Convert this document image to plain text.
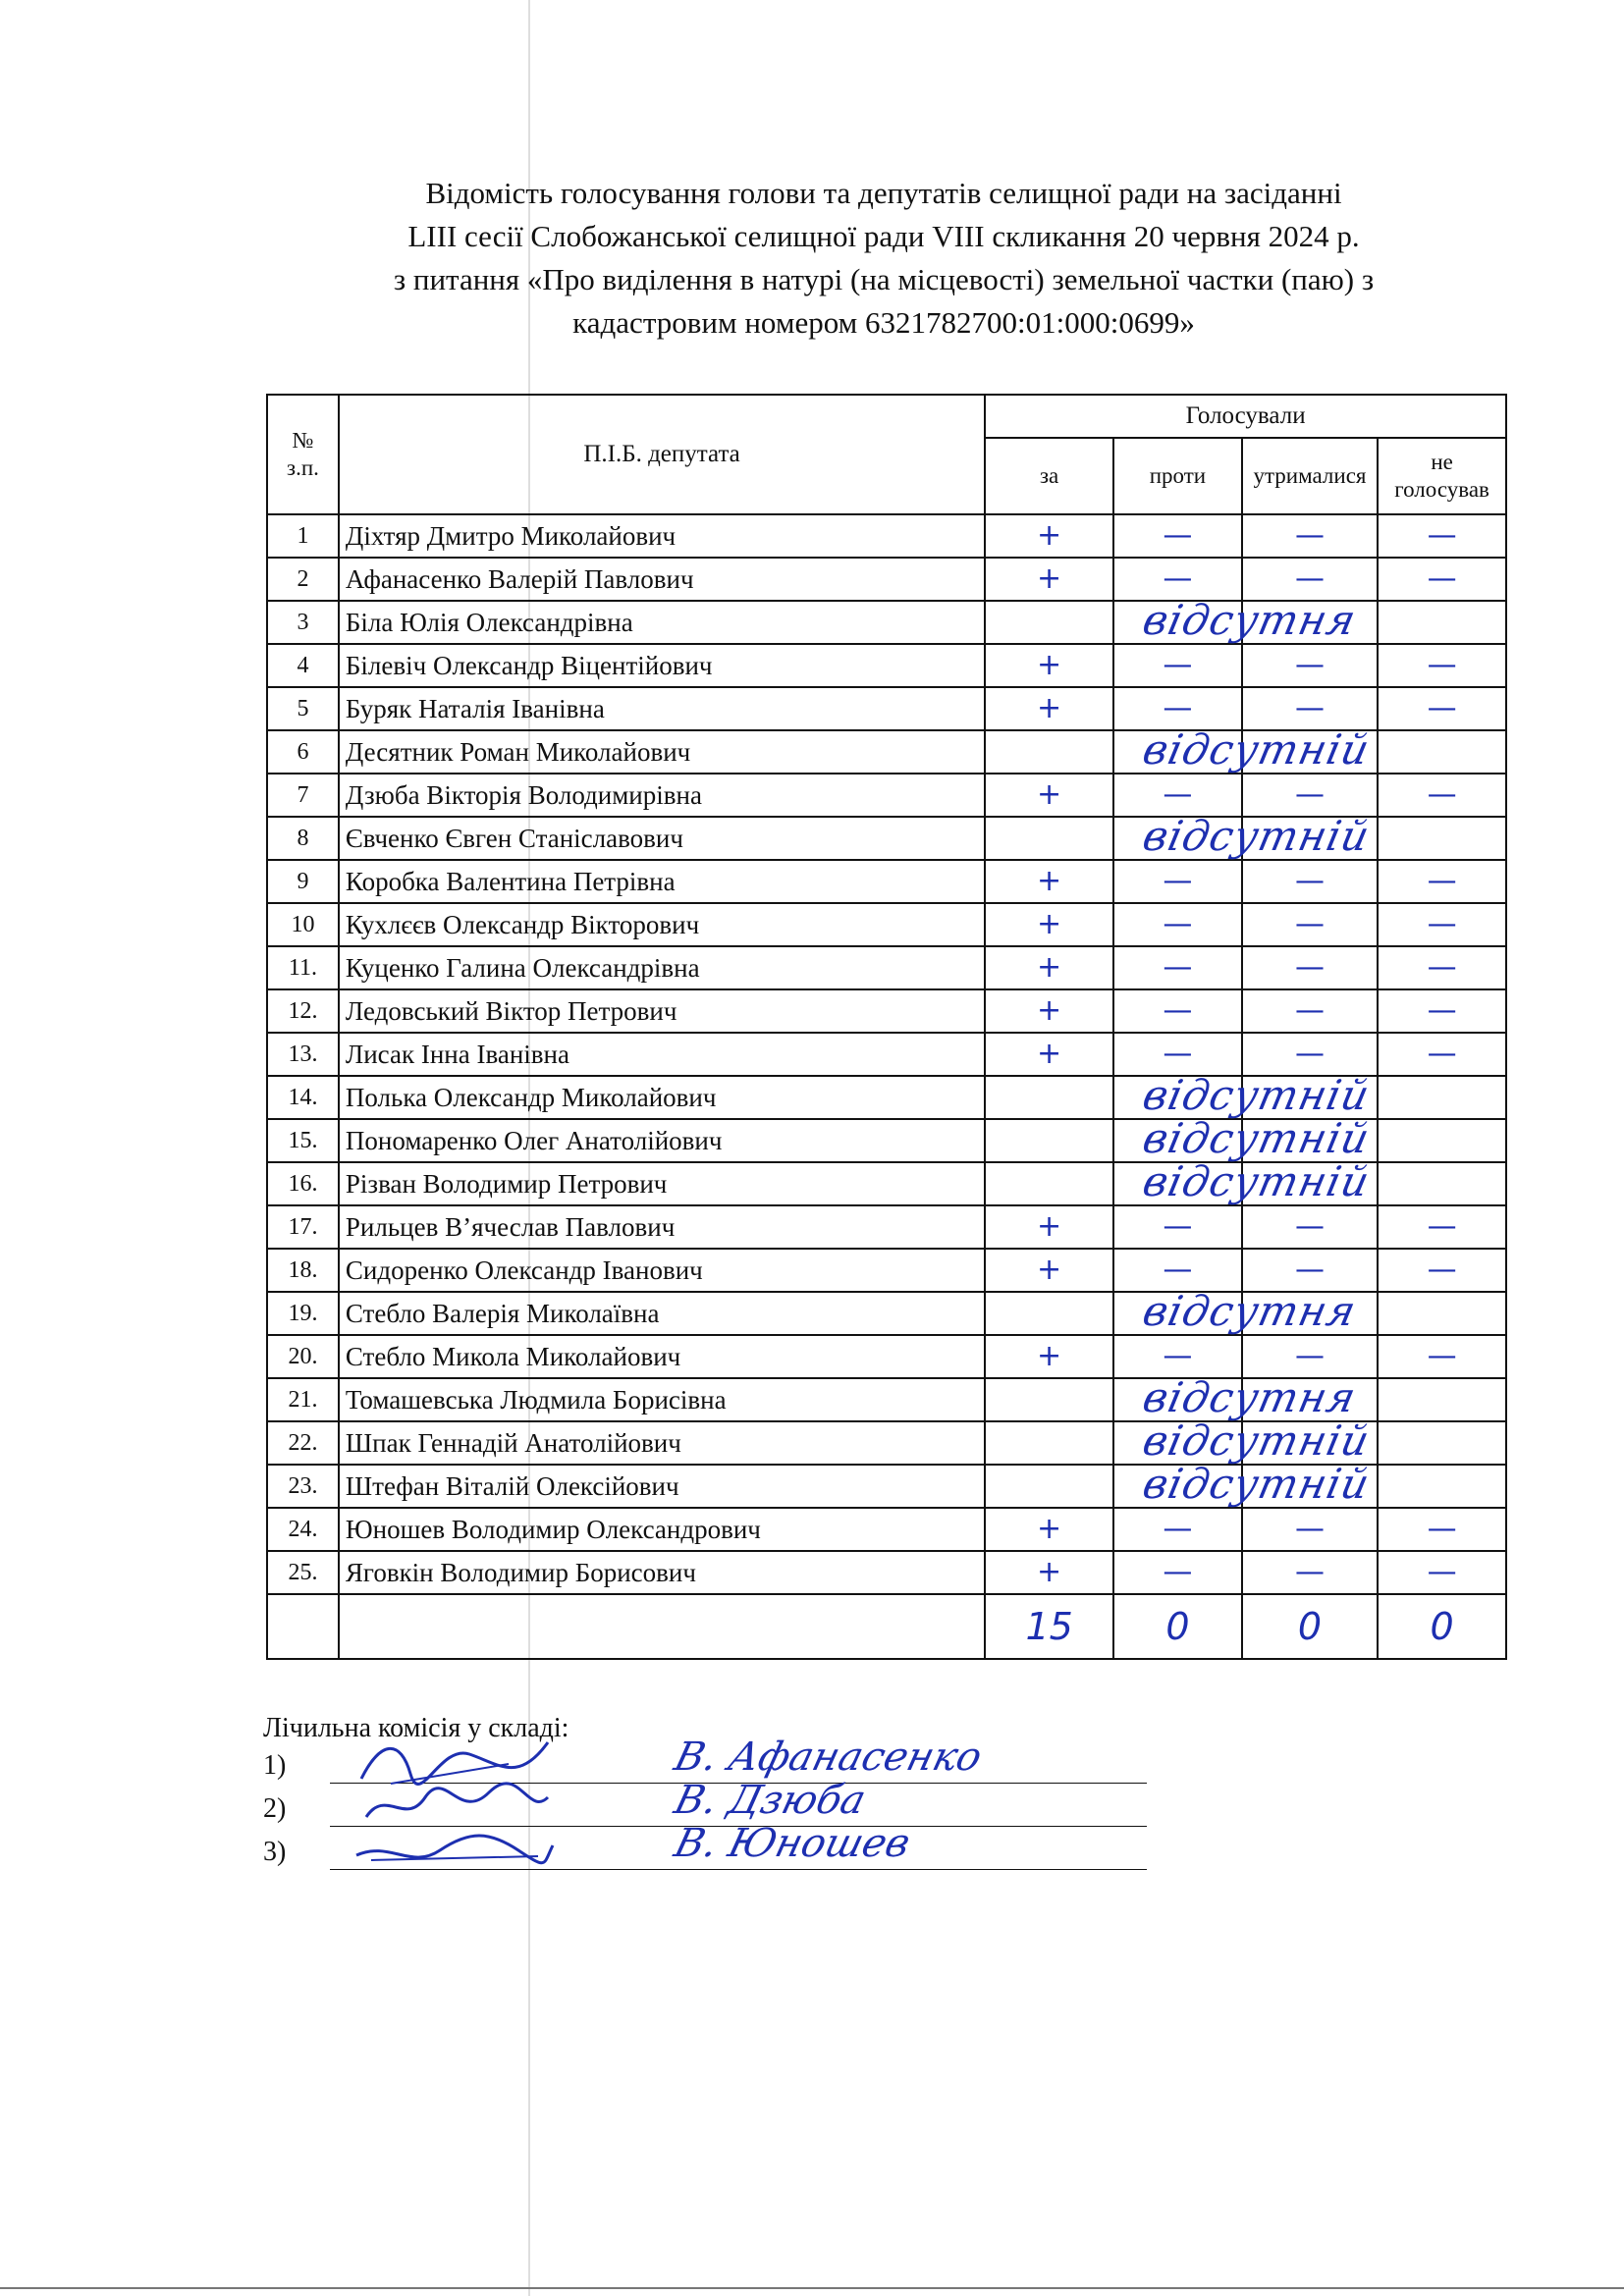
Відомість голосування голови та депутатів селищної ради на засіданні
LIII сесії Слобожанської селищної ради VIII скликання 20 червня 2024 р.
з питання «Про виділення в натурі (на місцевості) земельної частки (паю) з
кадастровим номером 6321782700:01:000:0699»
№
з.п.	П.І.Б. депутата	Голосували			
		за	проти	утрималися	не голосував
1	Діхтяр Дмитро Миколайович	+	—	—	—
2	Афанасенко Валерій Павлович	+	—	—	—
3	Біла Юлія Олександрівна		відсутня		

4	Білевіч Олександр Віцентійович	+	—	—	—
5	Буряк Наталія Іванівна	+	—	—	—
6	Десятник Роман Миколайович		відсутній		

7	Дзюба Вікторія Володимирівна	+	—	—	—
8	Євченко Євген Станіславович		відсутній		

9	Коробка Валентина Петрівна	+	—	—	—
10	Кухлєєв Олександр Вікторович	+	—	—	—
11.	Куценко Галина Олександрівна	+	—	—	—
12.	Ледовський Віктор Петрович	+	—	—	—
13.	Лисак Інна Іванівна	+	—	—	—
14.	Полька Олександр Миколайович		відсутній		

15.	Пономаренко Олег Анатолійович		відсутній		

16.	Різван Володимир Петрович		відсутній		

17.	Рильцев В’ячеслав Павлович	+	—	—	—
18.	Сидоренко Олександр Іванович	+	—	—	—
19.	Стебло Валерія Миколаївна		відсутня		

20.	Стебло Микола Миколайович	+	—	—	—
21.	Томашевська Людмила Борисівна		відсутня		

22.	Шпак Геннадій Анатолійович		відсутній		

23.	Штефан Віталій Олексійович		відсутній		

24.	Юношев Володимир Олександрович	+	—	—	—
25.	Яговкін Володимир Борисович	+	—	—	—
		15	0	0	0
Лічильна комісія у складі:
1)	В. Афанасенко
2)	В. Дзюба
3)	В. Юношев
